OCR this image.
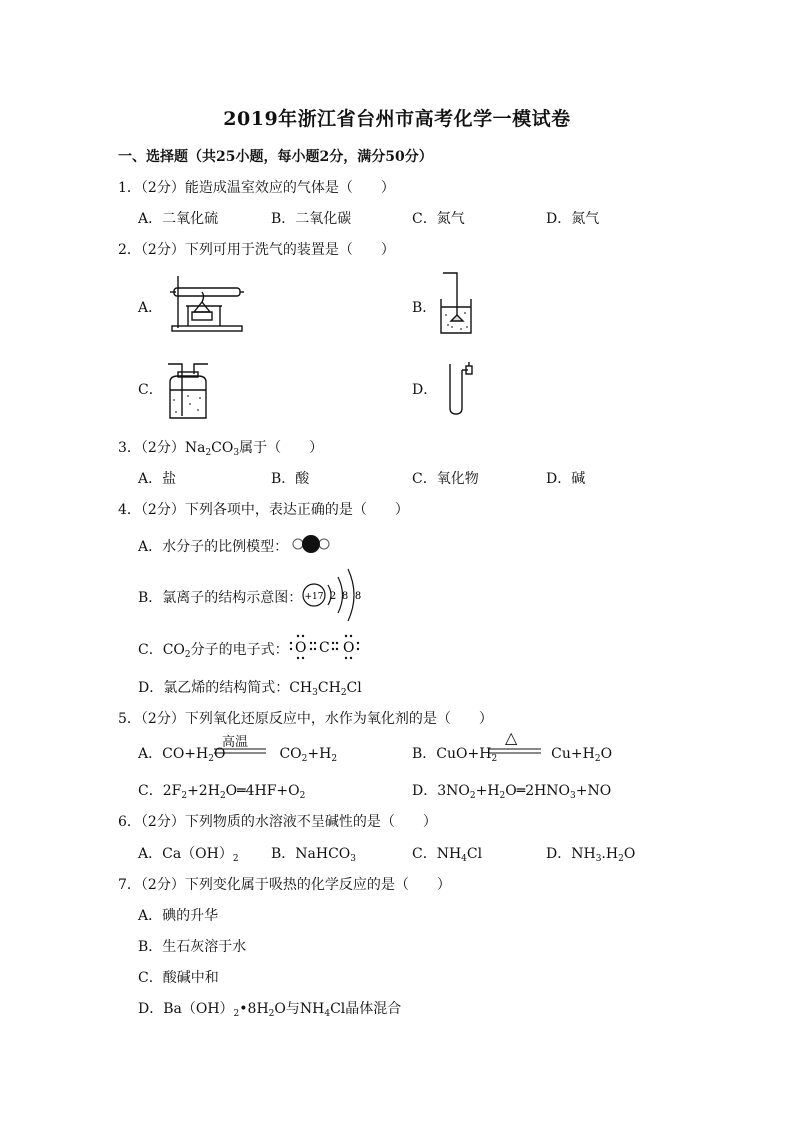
2019年浙江省台州市高考化学一模试卷
一、选择题（共25小题，每小题2分，满分50分）
1．（2分）能造成温室效应的气体是（　　）
A．二氧化硫	B．二氧化碳	C．氮气	D．氮气
2．（2分）下列可用于洗气的装置是（　　）
A．	B．
C．	D．
3．（2分）$Na_2CO_3$属于（　　）
A．盐	B．酸	C．氧化物	D．碱
4．（2分）下列各项中，表达正确的是（　　）
A．水分子的比例模型：
B．氯离子的结构示意图： +17 2 8 8
C．$CO_2$分子的电子式： O C O
D．氯乙烯的结构简式：$CH_3CH_2Cl$
5．（2分）下列氧化还原反应中，水作为氧化剂的是（　　）
A．$CO+H_2O$	$CO_2+H_2$
高温
B．$CuO+H_2$	$Cu+H_2O$
△
C．$2F_2+2H_2O═4HF+O_2$	D．$3NO_2+H_2O═2HNO_3+NO$
6．（2分）下列物质的水溶液不呈碱性的是（　　）
A．$Ca(OH)_2$ B．NaHCO$_3$	C．$NH_4Cl$	D．$NH_3.H_2O$
7．（2分）下列变化属于吸热的化学反应的是（　　）
A．碘的升华
B．生石灰溶于水
C．酸碱中和
D．$Ba(OH)_2•8H_2O$与$NH_4Cl$晶体混合
